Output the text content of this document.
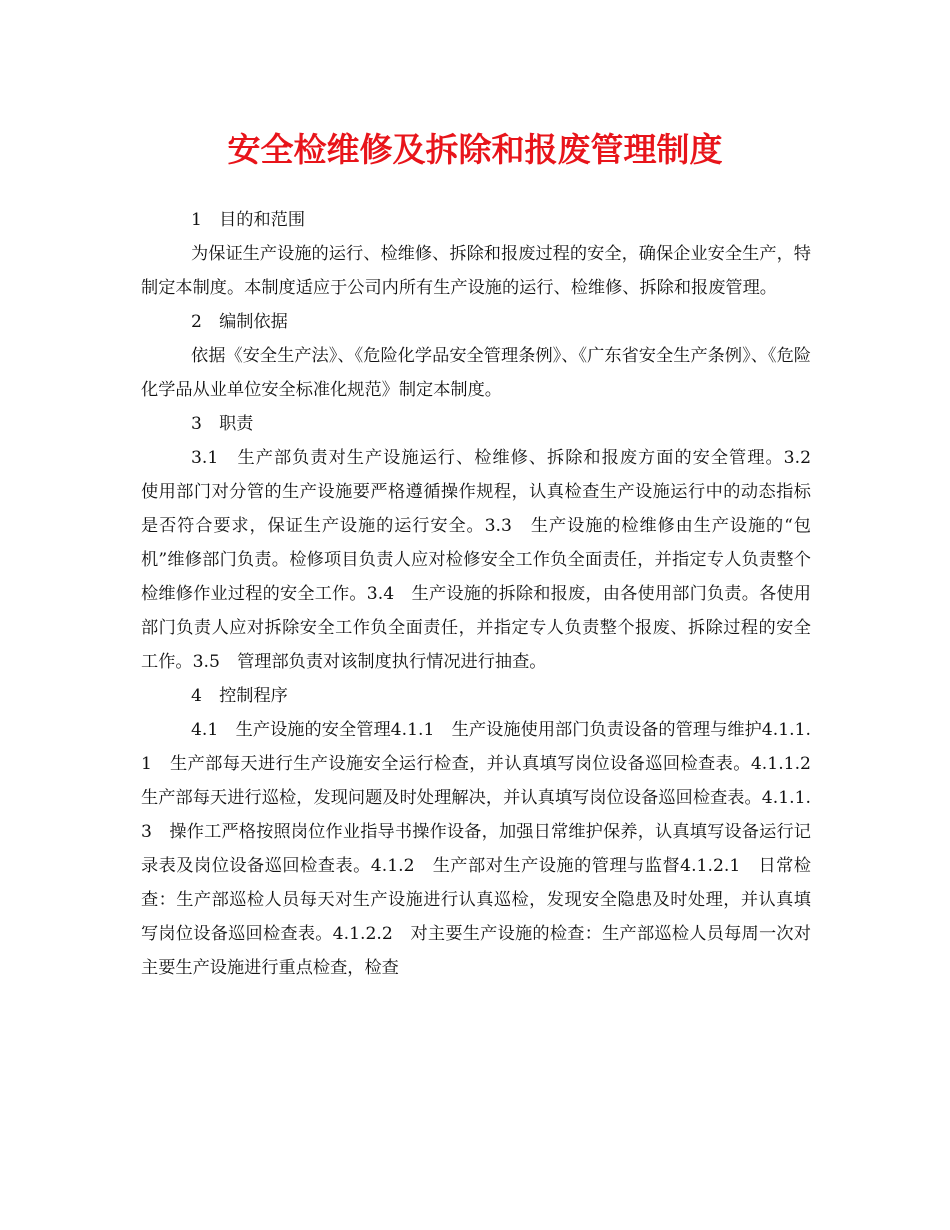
安全检维修及拆除和报废管理制度

1　目的和范围

为保证生产设施的运行、检维修、拆除和报废过程的安全，确保企业安全生产，特制定本制度。本制度适应于公司内所有生产设施的运行、检维修、拆除和报废管理。

2　编制依据

依据《安全生产法》、《危险化学品安全管理条例》、《广东省安全生产条例》、《危险化学品从业单位安全标准化规范》制定本制度。

3　职责

3.1　生产部负责对生产设施运行、检维修、拆除和报废方面的安全管理。3.2　使用部门对分管的生产设施要严格遵循操作规程，认真检查生产设施运行中的动态指标是否符合要求，保证生产设施的运行安全。3.3　生产设施的检维修由生产设施的“包机”维修部门负责。检修项目负责人应对检修安全工作负全面责任，并指定专人负责整个检维修作业过程的安全工作。3.4　生产设施的拆除和报废，由各使用部门负责。各使用部门负责人应对拆除安全工作负全面责任，并指定专人负责整个报废、拆除过程的安全工作。3.5　管理部负责对该制度执行情况进行抽查。

4　控制程序

4.1　生产设施的安全管理4.1.1　生产设施使用部门负责设备的管理与维护4.1.1.1　生产部每天进行生产设施安全运行检查，并认真填写岗位设备巡回检查表。4.1.1.2　生产部每天进行巡检，发现问题及时处理解决，并认真填写岗位设备巡回检查表。4.1.1.3　操作工严格按照岗位作业指导书操作设备，加强日常维护保养，认真填写设备运行记录表及岗位设备巡回检查表。4.1.2　生产部对生产设施的管理与监督4.1.2.1　日常检查：生产部巡检人员每天对生产设施进行认真巡检，发现安全隐患及时处理，并认真填写岗位设备巡回检查表。4.1.2.2　对主要生产设施的检查：生产部巡检人员每周一次对主要生产设施进行重点检查，检查
